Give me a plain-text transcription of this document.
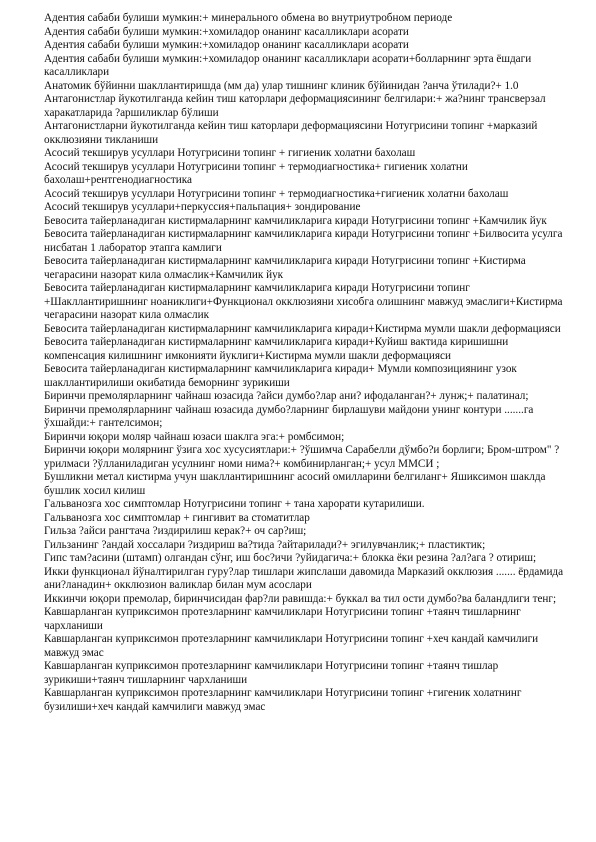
Адентия сабаби булиши мумкин:+ минерального обмена во внутриутробном периоде

Адентия сабаби булиши мумкин:+хомиладор онанинг касалликлари асорати

Адентия сабаби булиши мумкин:+хомиладор онанинг касалликлари асорати

Адентия сабаби булиши мумкин:+хомиладор онанинг касалликлари асорати+болларнинг эрта ёшдаги касалликлари

Анатомик бўйинни шакллантиришда (мм да) улар тишнинг клиник бўйинидан ?анча ўтилади?+ 1.0

Антагонистлар йукотилганда кейин тиш каторлари деформациясининг белгилари:+ жа?нинг трансверзал харакатларида ?аршиликлар бўлиши

Антагонистларни йукотилганда кейин тиш каторлари деформациясини Нотугрисини топинг +марказий окклюзияни тикланиши

Асосий текширув усуллари Нотугрисини топинг + гигиеник холатни бахолаш

Асосий текширув усуллари Нотугрисини топинг + термодиагностика+ гигиеник холатни бахолаш+рентгенодиагностика

Асосий текширув усуллари Нотугрисини топинг + термодиагностика+гигиеник холатни бахолаш

Асосий текширув усуллари+перкуссия+пальпация+ зондирование

Бевосита тайерланадиган кистирмаларнинг камчиликларига киради Нотугрисини топинг +Камчилик йук

Бевосита тайерланадиган кистирмаларнинг камчиликларига киради Нотугрисини топинг +Билвосита усулга нисбатан 1 лаборатор этапга камлиги

Бевосита тайерланадиган кистирмаларнинг камчиликларига киради Нотугрисини топинг +Кистирма чегарасини назорат кила олмаслик+Камчилик йук

Бевосита тайерланадиган кистирмаларнинг камчиликларига киради Нотугрисини топинг +Шакллантиришнинг ноаниклиги+Функционал окклюзияни хисобга олишнинг мавжуд эмаслиги+Кистирма чегарасини назорат кила олмаслик

Бевосита тайерланадиган кистирмаларнинг камчиликларига киради+Кистирма мумли шакли деформацияси

Бевосита тайерланадиган кистирмаларнинг камчиликларига киради+Куйиш вактида киришишни компенсация килишнинг имконияти йуклиги+Кистирма мумли шакли деформацияси

Бевосита тайерланадиган кистирмаларнинг камчиликларига киради+ Мумли композициянинг узок шакллантирилиши окибатида беморнинг зурикиши

Биринчи премолярларнинг чайнаш юзасида ?айси думбо?лар ани? ифодаланган?+ лунж;+ палатинал;

Биринчи премолярларнинг чайнаш юзасида думбо?ларнинг бирлашуви майдони унинг контури .......га ўхшайди:+ гантелсимон;

Биринчи юқори моляр чайнаш юзаси шаклга эга:+ ромбсимон;

Биринчи юқори молярнинг ўзига хос хусусиятлари:+ ?ўшимча Сарабелли дўмбо?и борлиги; Бром-штром" ?урилмаси ?ўлланиладиган усулнинг номи нима?+ комбинирланган;+ усул ММСИ ;

Бушликни метал кистирма учун шакллантиришнинг асосий омилларини белгиланг+ Яшиксимон шаклда бушлик хосил килиш

Гальванозга хос симптомлар Нотугрисини топинг + тана харорати кутарилиши.

Гальванозга хос симптомлар + гингивит ва стоматитлар

Гильза ?айси рангтача ?издирилиш керак?+ оч сар?иш;

Гильзанинг ?андай хоссалари ?издириш ва?тида ?айтарилади?+ эгилувчанлик;+ пластиктик;

Гипс там?асини (штамп) олгандан сўнг, иш бос?ичи ?уйидагича:+ блокка ёки резина ?ал?ага ? отириш;

Икки функционал йўналтирилган гуру?лар тишлари жипслаши давомида Марказий окклюзия ....... ёрдамида ани?ланадин+ окклюзион валиклар билан мум асослари

Иккинчи юқори премолар, биринчисидан фар?ли равишда:+ буккал ва тил ости думбо?ва баландлиги тенг;

Кавшарланган куприксимон протезларнинг камчиликлари Нотугрисини топинг +таянч тишларнинг чархланиши

Кавшарланган куприксимон протезларнинг камчиликлари Нотугрисини топинг +хеч кандай камчилиги мавжуд эмас

Кавшарланган куприксимон протезларнинг камчиликлари Нотугрисини топинг +таянч тишлар зурикиши+таянч тишларнинг чархланиши

Кавшарланган куприксимон протезларнинг камчиликлари Нотугрисини топинг +гигеник холатнинг бузилиши+хеч кандай камчилиги мавжуд эмас
